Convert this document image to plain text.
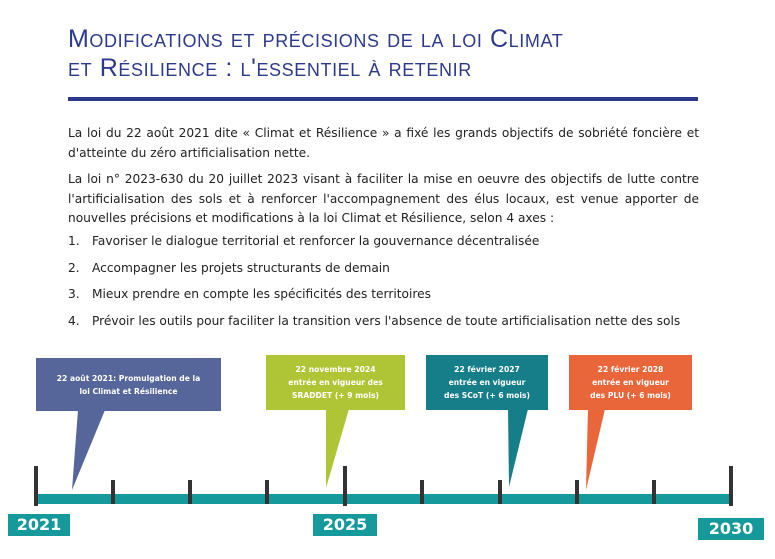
Modifications et précisions de la loi Climat
et Résilience : l'essentiel à retenir

La loi du 22 août 2021 dite « Climat et Résilience » a fixé les grands objectifs de sobriété foncière et d'atteinte du zéro artificialisation nette.

La loi n° 2023-630 du 20 juillet 2023 visant à faciliter la mise en oeuvre des objectifs de lutte contre l'artificialisation des sols et à renforcer l'accompagnement des élus locaux, est venue apporter de nouvelles précisions et modifications à la loi Climat et Résilience, selon 4 axes :

1. Favoriser le dialogue territorial et renforcer la gouvernance décentralisée
2. Accompagner les projets structurants de demain
3. Mieux prendre en compte les spécificités des territoires
4. Prévoir les outils pour faciliter la transition vers l'absence de toute artificialisation nette des sols
22 août 2021: Promulgation de la
loi Climat et Résilience
22 novembre 2024
entrée en vigueur des
SRADDET (+ 9 mois)
22 février 2027
entrée en vigueur
des SCoT (+ 6 mois)
22 février 2028
entrée en vigueur
des PLU (+ 6 mois)
2021	2025	2030
